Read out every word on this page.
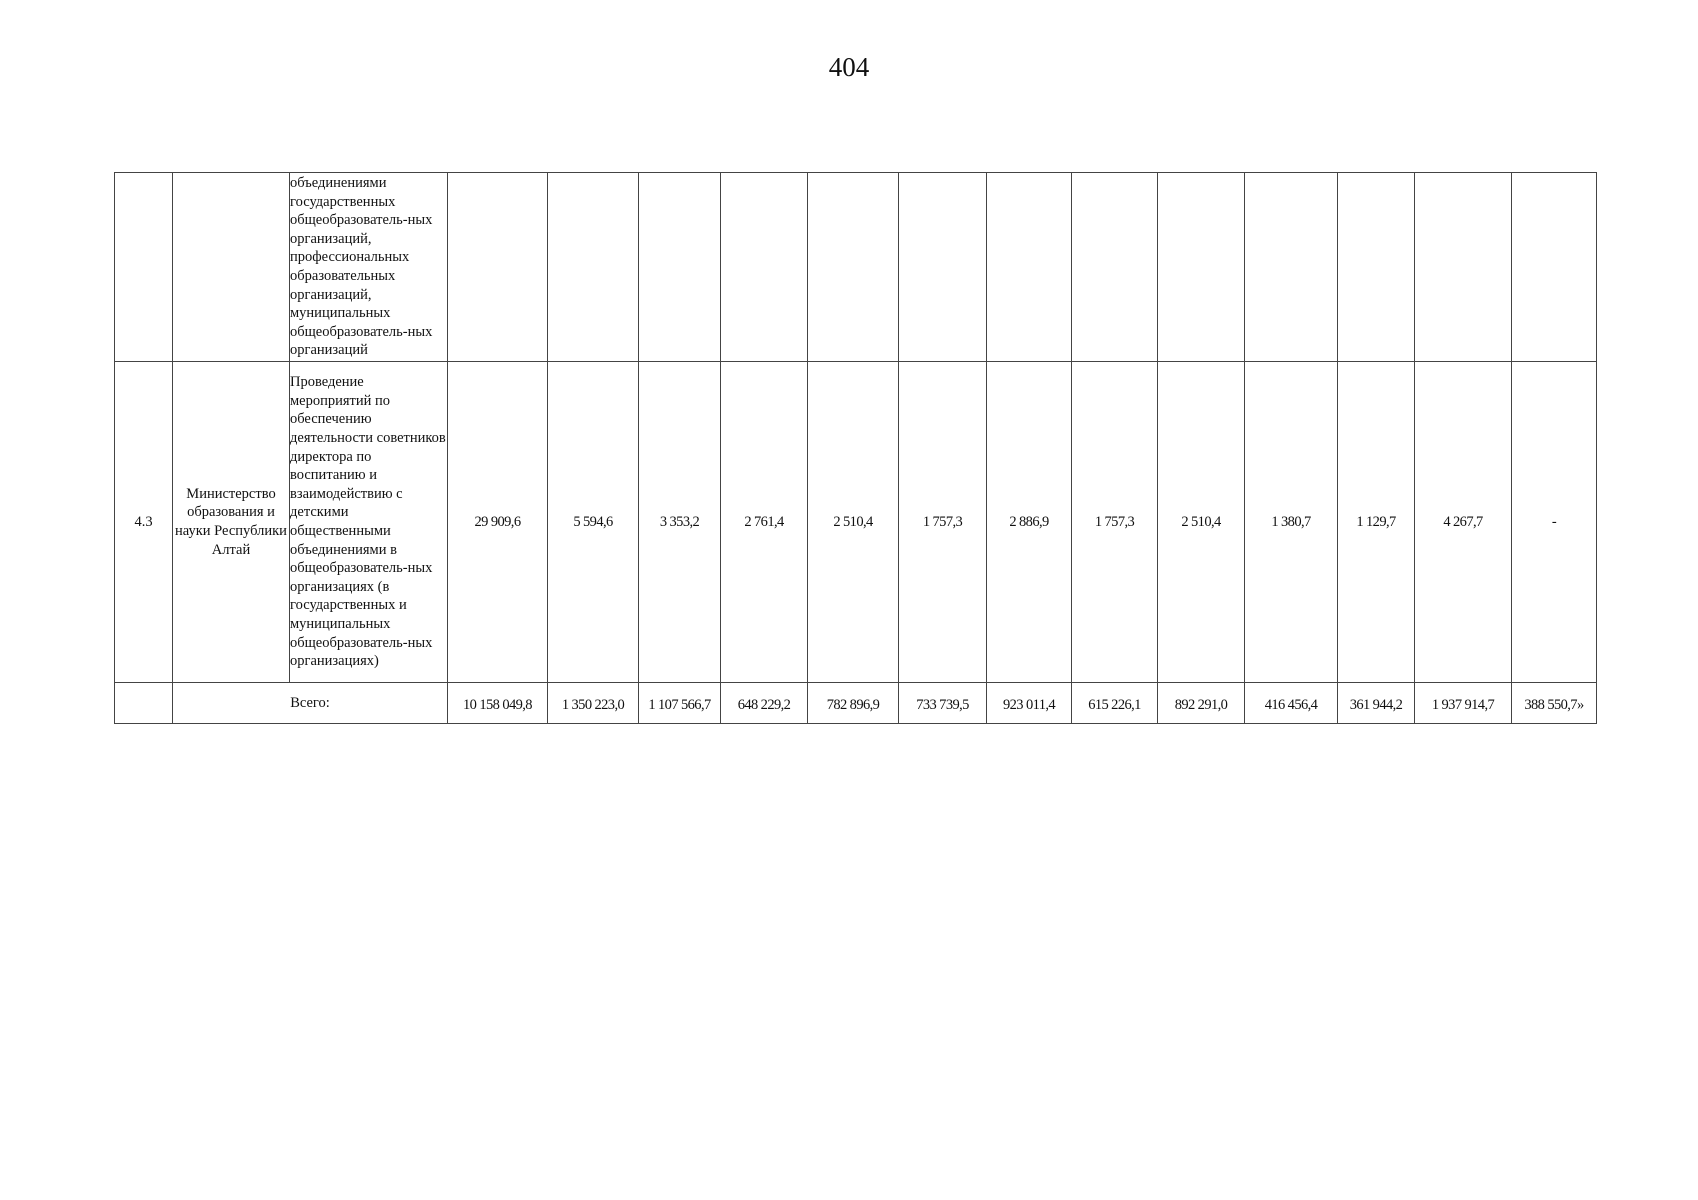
404
		объединениями государственных общеобразователь-ных организаций, профессиональных образовательных организаций, муниципальных общеобразователь-ных организаций													
4.3	Министерство образования и науки Республики Алтай	Проведение мероприятий по обеспечению деятельности советников директора по воспитанию и взаимодействию с детскими общественными объединениями в общеобразователь-ных организациях (в государственных и муниципальных общеобразователь-ных организациях)	29 909,6	5 594,6	3 353,2	2 761,4	2 510,4	1 757,3	2 886,9	1 757,3	2 510,4	1 380,7	1 129,7	4 267,7	-
	Всего:		10 158 049,8	1 350 223,0	1 107 566,7	648 229,2	782 896,9	733 739,5	923 011,4	615 226,1	892 291,0	416 456,4	361 944,2	1 937 914,7	388 550,7»
